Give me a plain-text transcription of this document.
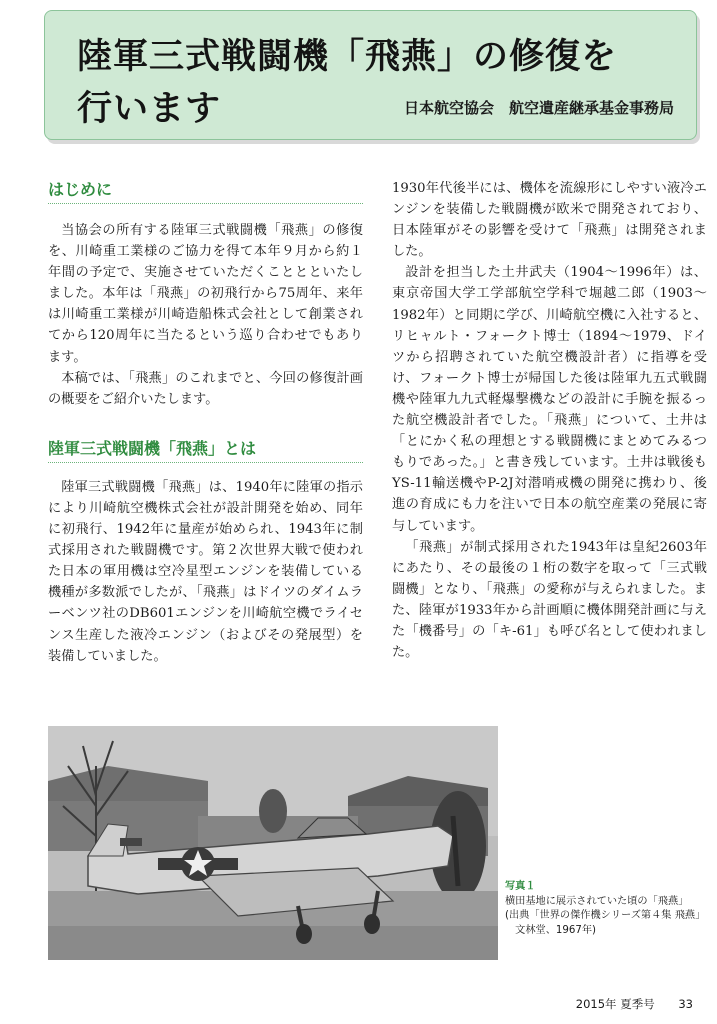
陸軍三式戦闘機「飛燕」の修復を
行います	日本航空協会　航空遺産継承基金事務局

はじめに

当協会の所有する陸軍三式戦闘機「飛燕」の修復を、川崎重工業様のご協力を得て本年９月から約１年間の予定で、実施させていただくこととといたしました。本年は「飛燕」の初飛行から75周年、来年は川崎重工業様が川崎造船株式会社として創業されてから120周年に当たるという巡り合わせでもあります。

本稿では、「飛燕」のこれまでと、今回の修復計画の概要をご紹介いたします。

陸軍三式戦闘機「飛燕」とは

陸軍三式戦闘機「飛燕」は、1940年に陸軍の指示により川崎航空機株式会社が設計開発を始め、同年に初飛行、1942年に量産が始められ、1943年に制式採用された戦闘機です。第２次世界大戦で使われた日本の軍用機は空冷星型エンジンを装備している機種が多数派でしたが、「飛燕」はドイツのダイムラーベンツ社のDB601エンジンを川崎航空機でライセンス生産した液冷エンジン（およびその発展型）を装備していました。

1930年代後半には、機体を流線形にしやすい液冷エンジンを装備した戦闘機が欧米で開発されており、日本陸軍がその影響を受けて「飛燕」は開発されました。

設計を担当した土井武夫（1904～1996年）は、東京帝国大学工学部航空学科で堀越二郎（1903～1982年）と同期に学び、川崎航空機に入社すると、リヒャルト・フォークト博士（1894～1979、ドイツから招聘されていた航空機設計者）に指導を受け、フォークト博士が帰国した後は陸軍九五式戦闘機や陸軍九九式軽爆撃機などの設計に手腕を振るった航空機設計者でした。「飛燕」について、土井は「とにかく私の理想とする戦闘機にまとめてみるつもりであった。」と書き残しています。土井は戦後もYS-11輸送機やP-2J対潜哨戒機の開発に携わり、後進の育成にも力を注いで日本の航空産業の発展に寄与しています。

「飛燕」が制式採用された1943年は皇紀2603年にあたり、その最後の１桁の数字を取って「三式戦闘機」となり、「飛燕」の愛称が与えられました。また、陸軍が1933年から計画順に機体開発計画に与えた「機番号」の「キ-61」も呼び名として使われました。

写真１
横田基地に展示されていた頃の「飛燕」
(出典「世界の傑作機シリーズ第４集 飛燕」
　文林堂、1967年)
2015年 夏季号 33
